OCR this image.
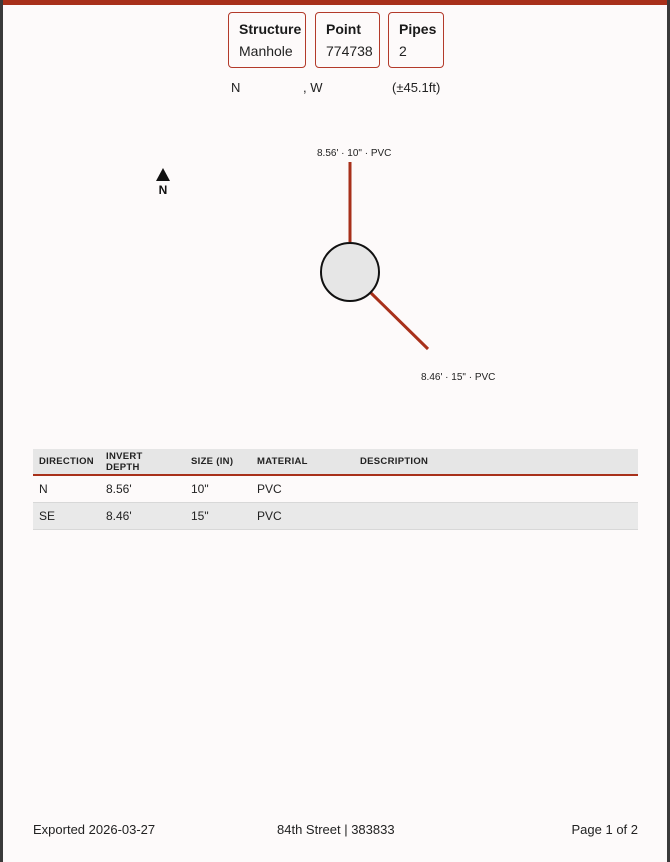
Structure
Manhole
Point
774738
Pipes
2
N	, W	(±45.1ft)
N
8.56' · 10" · PVC
8.46' · 15" · PVC
DIRECTION	INVERT DEPTH	SIZE (IN)	MATERIAL	DESCRIPTION
N	8.56'	10"	PVC	
SE	8.46'	15"	PVC	
Exported 2026-03-27	84th Street | 383833	Page 1 of 2
